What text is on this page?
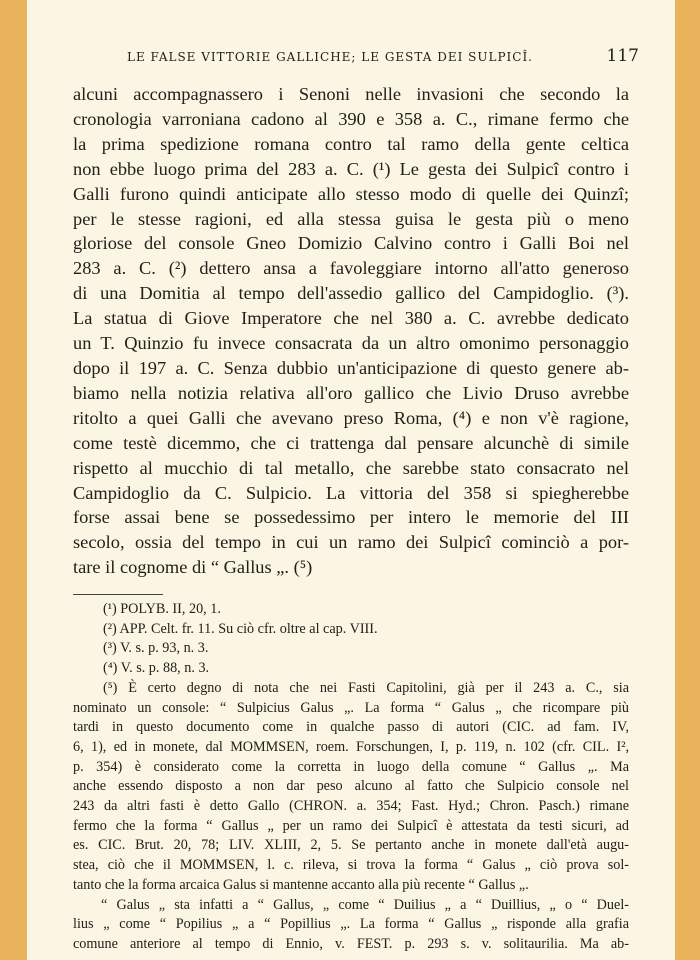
LE FALSE VITTORIE GALLICHE; LE GESTA DEI SULPICÎ.	117
alcuni accompagnassero i Senoni nelle invasioni che secondo la
cronologia varroniana cadono al 390 e 358 a. C., rimane fermo che
la prima spedizione romana contro tal ramo della gente celtica
non ebbe luogo prima del 283 a. C. (¹) Le gesta dei Sulpicî contro i
Galli furono quindi anticipate allo stesso modo di quelle dei Quinzî;
per le stesse ragioni, ed alla stessa guisa le gesta più o meno
gloriose del console Gneo Domizio Calvino contro i Galli Boi nel
283 a. C. (²) dettero ansa a favoleggiare intorno all'atto generoso
di una Domitia al tempo dell'assedio gallico del Campidoglio. (³).
La statua di Giove Imperatore che nel 380 a. C. avrebbe dedicato
un T. Quinzio fu invece consacrata da un altro omonimo personaggio
dopo il 197 a. C. Senza dubbio un'anticipazione di questo genere ab-
biamo nella notizia relativa all'oro gallico che Livio Druso avrebbe
ritolto a quei Galli che avevano preso Roma, (⁴) e non v'è ragione,
come testè dicemmo, che ci trattenga dal pensare alcunchè di simile
rispetto al mucchio di tal metallo, che sarebbe stato consacrato nel
Campidoglio da C. Sulpicio. La vittoria del 358 si spiegherebbe
forse assai bene se possedessimo per intero le memorie del III
secolo, ossia del tempo in cui un ramo dei Sulpicî cominciò a por-
tare il cognome di “ Gallus „. (⁵)
(¹) POLYB. II, 20, 1.
(²) APP. Celt. fr. 11. Su ciò cfr. oltre al cap. VIII.
(³) V. s. p. 93, n. 3.
(⁴) V. s. p. 88, n. 3.
(⁵) È certo degno di nota che nei Fasti Capitolini, già per il 243 a. C., sia
nominato un console: “ Sulpicius Galus „. La forma “ Galus „ che ricompare più
tardi in questo documento come in qualche passo di autori (CIC. ad fam. IV,
6, 1), ed in monete, dal MOMMSEN, roem. Forschungen, I, p. 119, n. 102 (cfr. CIL. I²,
p. 354) è considerato come la corretta in luogo della comune “ Gallus „. Ma
anche essendo disposto a non dar peso alcuno al fatto che Sulpicio console nel
243 da altri fasti è detto Gallo (CHRON. a. 354; Fast. Hyd.; Chron. Pasch.) rimane
fermo che la forma “ Gallus „ per un ramo dei Sulpicî è attestata da testi sicuri, ad
es. CIC. Brut. 20, 78; LIV. XLIII, 2, 5. Se pertanto anche in monete dall'età augu-
stea, ciò che il MOMMSEN, l. c. rileva, si trova la forma “ Galus „ ciò prova sol-
tanto che la forma arcaica Galus si mantenne accanto alla più recente “ Gallus „.
“ Galus „ sta infatti a “ Gallus, „ come “ Duilius „ a “ Duillius, „ o “ Duel-
lius „ come “ Popilius „ a “ Popillius „. La forma “ Gallus „ risponde alla grafia
comune anteriore al tempo di Ennio, v. FEST. p. 293 s. v. solitaurilia. Ma ab-
